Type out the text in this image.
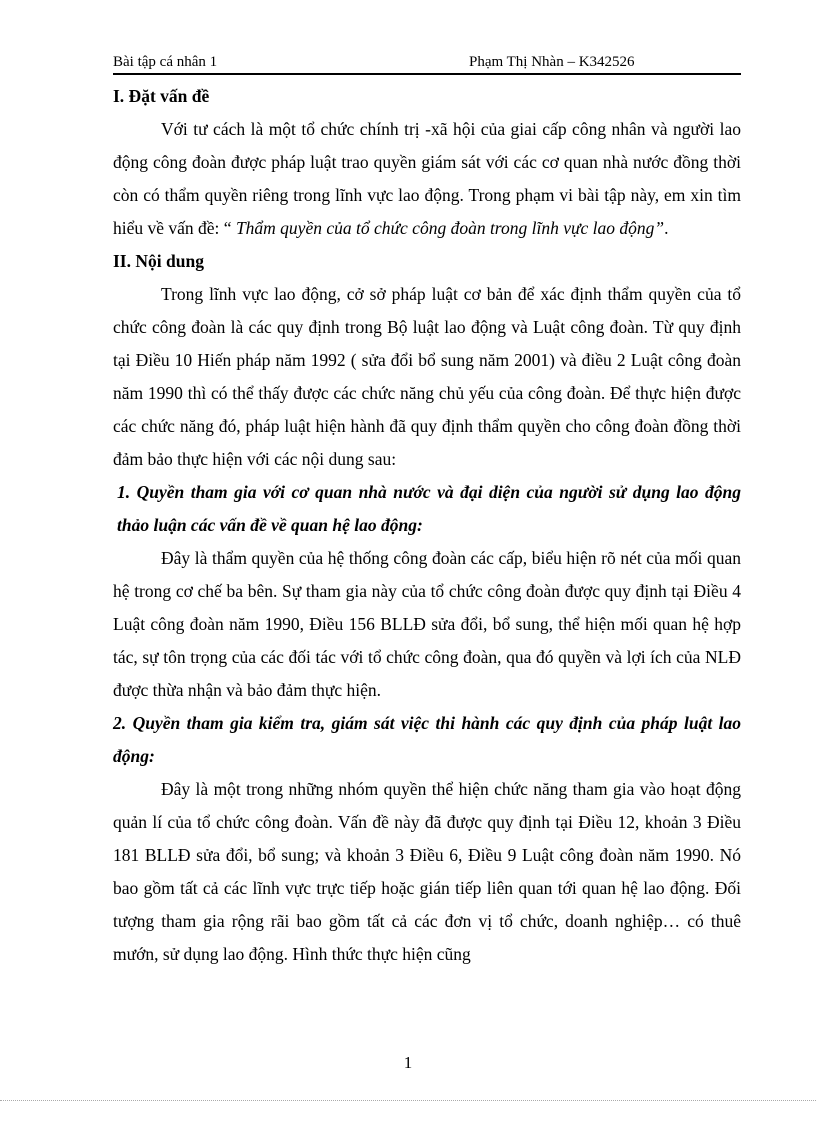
Bài tập cá nhân 1	Phạm Thị Nhàn – K342526
I. Đặt vấn đề

Với tư cách là một tổ chức chính trị -xã hội của giai cấp công nhân và người lao động công đoàn được pháp luật trao quyền giám sát với các cơ quan nhà nước đồng thời còn có thẩm quyền riêng trong lĩnh vực lao động. Trong phạm vi bài tập này, em xin tìm hiểu về vấn đề: “ Thẩm quyền của tổ chức công đoàn trong lĩnh vực lao động”.

II. Nội dung

Trong lĩnh vực lao động, cở sở pháp luật cơ bản để xác định thẩm quyền của tổ chức công đoàn là các quy định trong Bộ luật lao động và Luật công đoàn. Từ quy định tại Điều 10 Hiến pháp năm 1992 ( sửa đổi bổ sung năm 2001) và điều 2 Luật công đoàn năm 1990 thì có thể thấy được các chức năng chủ yếu của công đoàn. Để thực hiện được các chức năng đó, pháp luật hiện hành đã quy định thẩm quyền cho công đoàn đồng thời đảm bảo thực hiện với các nội dung sau:

1. Quyền tham gia với cơ quan nhà nước và đại diện của người sử dụng lao động thảo luận các vấn đề về quan hệ lao động:

Đây là thẩm quyền của hệ thống công đoàn các cấp, biểu hiện rõ nét của mối quan hệ trong cơ chế ba bên. Sự tham gia này của tổ chức công đoàn được quy định tại Điều 4 Luật công đoàn năm 1990, Điều 156 BLLĐ sửa đổi, bổ sung, thể hiện mối quan hệ hợp tác, sự tôn trọng của các đối tác với tổ chức công đoàn, qua đó quyền và lợi ích của NLĐ được thừa nhận và bảo đảm thực hiện.

2. Quyền tham gia kiểm tra, giám sát việc thi hành các quy định của pháp luật lao động:

Đây là một trong những nhóm quyền thể hiện chức năng tham gia vào hoạt động quản lí của tổ chức công đoàn. Vấn đề này đã được quy định tại Điều 12, khoản 3 Điều 181 BLLĐ sửa đổi, bổ sung; và khoản 3 Điều 6, Điều 9 Luật công đoàn năm 1990. Nó bao gồm tất cả các lĩnh vực trực tiếp hoặc gián tiếp liên quan tới quan hệ lao động. Đối tượng tham gia rộng rãi bao gồm tất cả các đơn vị tổ chức, doanh nghiệp… có thuê mướn, sử dụng lao động. Hình thức thực hiện cũng

1
